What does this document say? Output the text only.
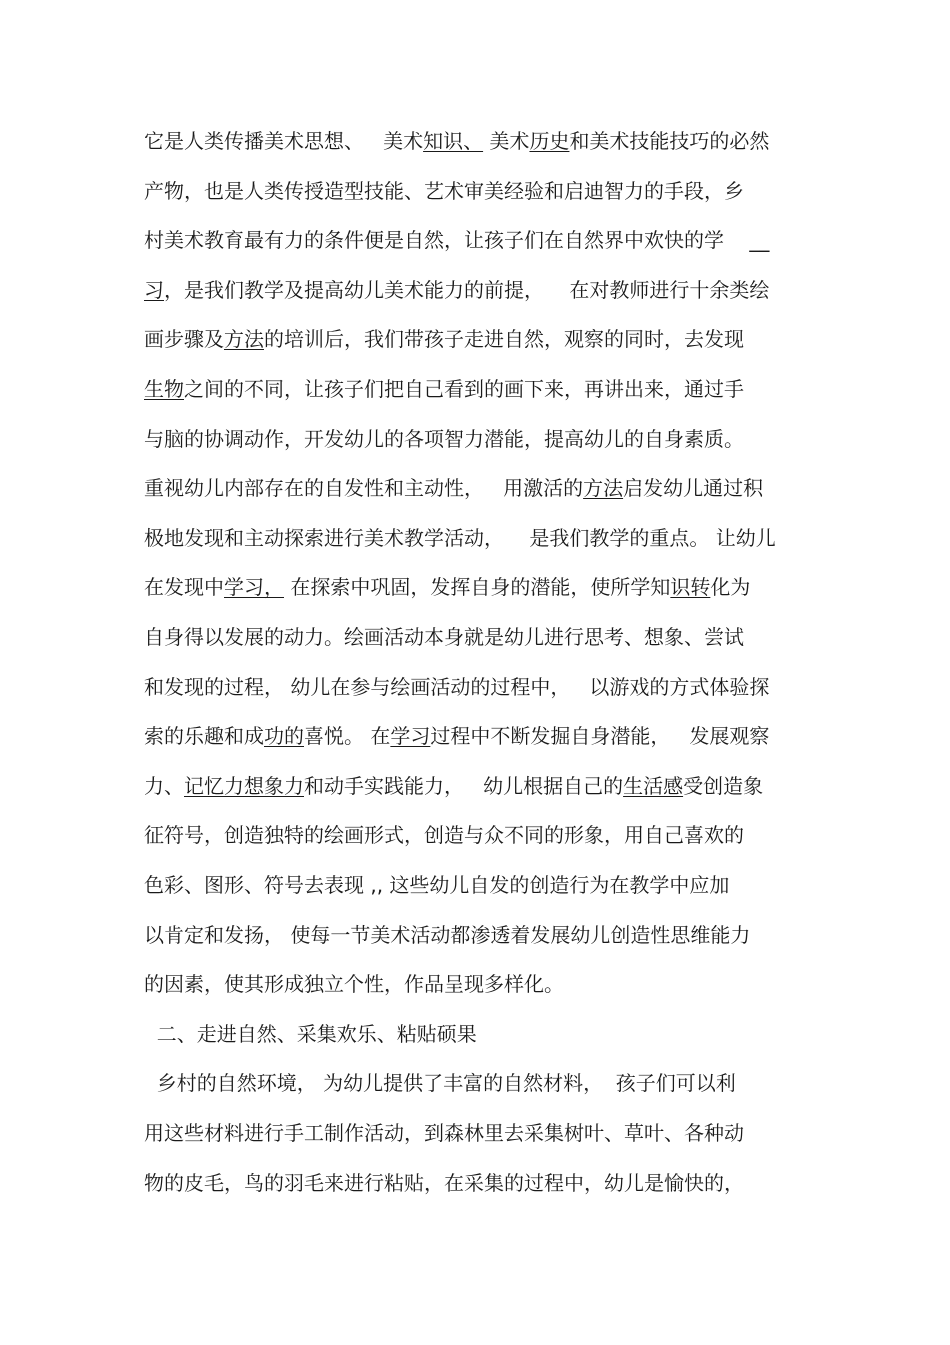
它是人类传播美术思想、   美术知识、 美术历史和美术技能技巧的必然
产物，也是人类传授造型技能、艺术审美经验和启迪智力的手段，乡
村美术教育最有力的条件便是自然，让孩子们在自然界中欢快的学    __
习，是我们教学及提高幼儿美术能力的前提，    在对教师进行十余类绘
画步骤及方法的培训后，我们带孩子走进自然，观察的同时，去发现
生物之间的不同，让孩子们把自己看到的画下来，再讲出来，通过手
与脑的协调动作，开发幼儿的各项智力潜能，提高幼儿的自身素质。
重视幼儿内部存在的自发性和主动性，   用激活的方法启发幼儿通过积
极地发现和主动探索进行美术教学活动，    是我们教学的重点。 让幼儿
在发现中学习， 在探索中巩固，发挥自身的潜能，使所学知识转化为
自身得以发展的动力。绘画活动本身就是幼儿进行思考、想象、尝试
和发现的过程， 幼儿在参与绘画活动的过程中，   以游戏的方式体验探
索的乐趣和成功的喜悦。 在学习过程中不断发掘自身潜能，   发展观察
力、记忆力想象力和动手实践能力，   幼儿根据自己的生活感受创造象
征符号，创造独特的绘画形式，创造与众不同的形象，用自己喜欢的
色彩、图形、符号去表现 ,, 这些幼儿自发的创造行为在教学中应加
以肯定和发扬， 使每一节美术活动都渗透着发展幼儿创造性思维能力
的因素，使其形成独立个性，作品呈现多样化。
二、走进自然、采集欢乐、粘贴硕果
乡村的自然环境， 为幼儿提供了丰富的自然材料，  孩子们可以利
用这些材料进行手工制作活动，到森林里去采集树叶、草叶、各种动
物的皮毛，鸟的羽毛来进行粘贴，在采集的过程中，幼儿是愉快的，
